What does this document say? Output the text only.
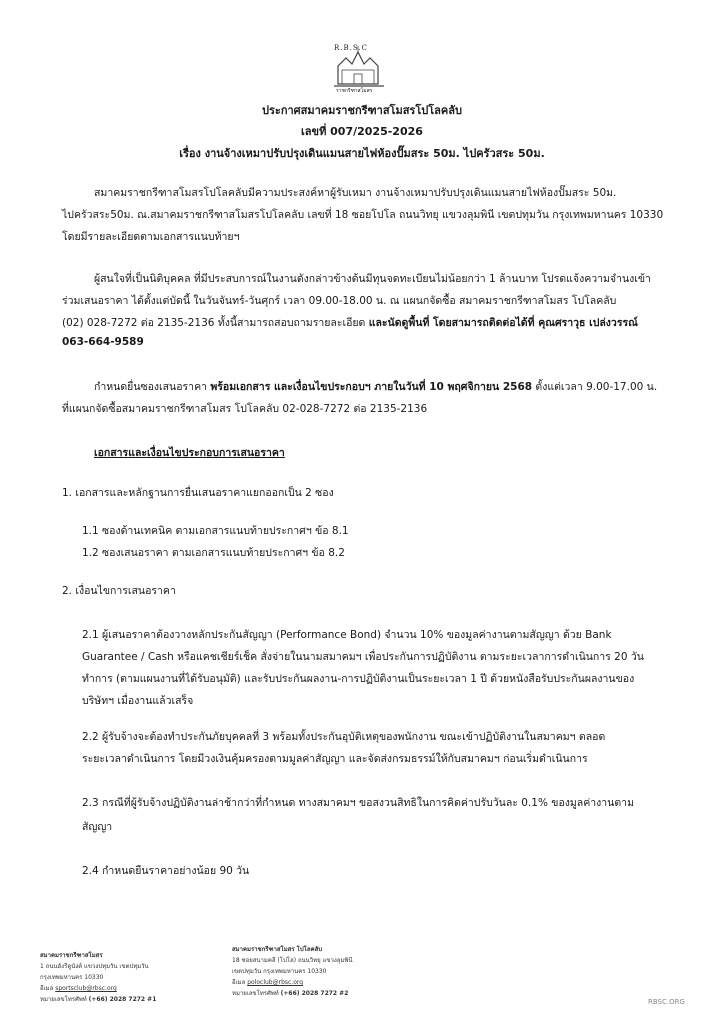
R.B.S.C
ราชกรีฑาสโมสร
ประกาศสมาคมราชกรีฑาสโมสรโปโลคลับ
เลขที่ 007/2025-2026
เรื่อง งานจ้างเหมาปรับปรุงเดินแมนสายไฟห้องปั๊มสระ 50ม. ไปครัวสระ 50ม.
สมาคมราชกรีฑาสโมสรโปโลคลับมีความประสงค์หาผู้รับเหมา งานจ้างเหมาปรับปรุงเดินแมนสายไฟห้องปั๊มสระ 50ม.
ไปครัวสระ50ม. ณ.สมาคมราชกรีฑาสโมสรโปโลคลับ เลขที่ 18 ซอยโปโล ถนนวิทยุ แขวงลุมพินี เขตปทุมวัน กรุงเทพมหานคร 10330
โดยมีรายละเอียดตามเอกสารแนบท้ายฯ
ผู้สนใจที่เป็นนิติบุคคล ที่มีประสบการณ์ในงานดังกล่าวข้างต้นมีทุนจดทะเบียนไม่น้อยกว่า 1 ล้านบาท โปรดแจ้งความจำนงเข้า
ร่วมเสนอราคา ได้ตั้งแต่บัดนี้ ในวันจันทร์-วันศุกร์ เวลา 09.00-18.00 น. ณ แผนกจัดซื้อ สมาคมราชกรีฑาสโมสร โปโลคลับ
(02) 028-7272 ต่อ 2135-2136 ทั้งนี้สามารถสอบถามรายละเอียด และนัดดูพื้นที่ โดยสามารถติดต่อได้ที่ คุณศราวุธ เปล่งวรรณ์
063-664-9589
กำหนดยื่นซองเสนอราคา พร้อมเอกสาร และเงื่อนไขประกอบฯ ภายในวันที่ 10 พฤศจิกายน 2568 ตั้งแต่เวลา 9.00-17.00 น.
ที่แผนกจัดซื้อสมาคมราชกรีฑาสโมสร โปโลคลับ 02-028-7272 ต่อ 2135-2136
เอกสารและเงื่อนไขประกอบการเสนอราคา
1. เอกสารและหลักฐานการยื่นเสนอราคาแยกออกเป็น 2 ซอง
1.1 ซองด้านเทคนิค ตามเอกสารแนบท้ายประกาศฯ ข้อ 8.1
1.2 ซองเสนอราคา ตามเอกสารแนบท้ายประกาศฯ ข้อ 8.2
2. เงื่อนไขการเสนอราคา
2.1 ผู้เสนอราคาต้องวางหลักประกันสัญญา (Performance Bond) จำนวน 10% ของมูลค่างานตามสัญญา ด้วย Bank
Guarantee / Cash หรือแคชเชียร์เช็ค สั่งจ่ายในนามสมาคมฯ เพื่อประกันการปฏิบัติงาน ตามระยะเวลาการดำเนินการ 20 วัน
ทำการ (ตามแผนงานที่ได้รับอนุมัติ) และรับประกันผลงาน-การปฏิบัติงานเป็นระยะเวลา 1 ปี ด้วยหนังสือรับประกันผลงานของ
บริษัทฯ เมื่องานแล้วเสร็จ
2.2 ผู้รับจ้างจะต้องทำประกันภัยบุคคลที่ 3 พร้อมทั้งประกันอุบัติเหตุของพนักงาน ขณะเข้าปฏิบัติงานในสมาคมฯ ตลอด
ระยะเวลาดำเนินการ โดยมีวงเงินคุ้มครองตามมูลค่าสัญญา และจัดส่งกรมธรรม์ให้กับสมาคมฯ ก่อนเริ่มดำเนินการ
2.3 กรณีที่ผู้รับจ้างปฏิบัติงานล่าช้ากว่าที่กำหนด ทางสมาคมฯ ขอสงวนสิทธิในการคิดค่าปรับวันละ 0.1% ของมูลค่างานตาม
สัญญา
2.4 กำหนดยืนราคาอย่างน้อย 90 วัน
สมาคมราชกรีฑาสโมสร
1 ถนนอังรีดูนังต์ แขวงปทุมวัน เขตปทุมวัน
กรุงเทพมหานคร 10330
อีเมล sportsclub@rbsc.org
หมายเลขโทรศัพท์ (+66) 2028 7272 #1
สมาคมราชกรีฑาสโมสร โปโลคลับ
18 ซอยสนามคลี (โปโล) ถนนวิทยุ แขวงลุมพินี
เขตปทุมวัน กรุงเทพมหานคร 10330
อีเมล poloclub@rbsc.org
หมายเลขโทรศัพท์ (+66) 2028 7272 #2
RBSC.ORG
